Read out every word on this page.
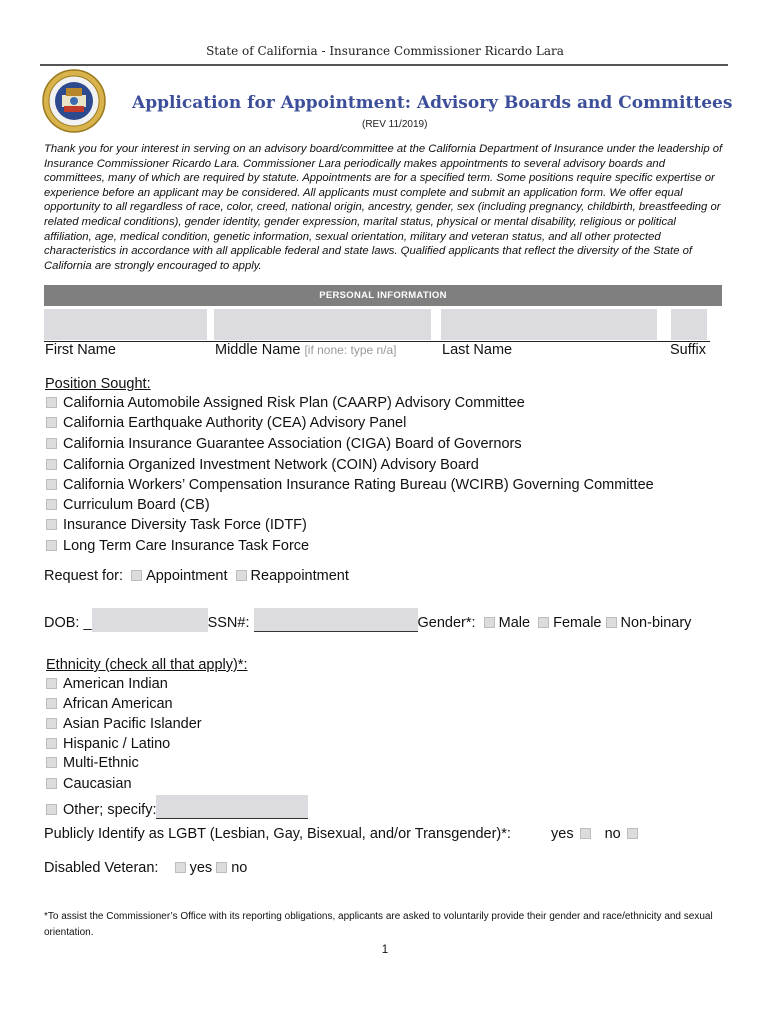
State of California - Insurance Commissioner Ricardo Lara
Application for Appointment: Advisory Boards and Committees
(REV 11/2019)
Thank you for your interest in serving on an advisory board/committee at the California Department of Insurance under the leadership of Insurance Commissioner Ricardo Lara. Commissioner Lara periodically makes appointments to several advisory boards and committees, many of which are required by statute. Appointments are for a specified term. Some positions require specific expertise or experience before an applicant may be considered. All applicants must complete and submit an application form. We offer equal opportunity to all regardless of race, color, creed, national origin, ancestry, gender, sex (including pregnancy, childbirth, breastfeeding or related medical conditions), gender identity, gender expression, marital status, physical or mental disability, religious or political affiliation, age, medical condition, genetic information, sexual orientation, military and veteran status, and all other protected characteristics in accordance with all applicable federal and state laws. Qualified applicants that reflect the diversity of the State of California are strongly encouraged to apply.
PERSONAL INFORMATION
First Name	Middle Name [if none: type n/a]	Last Name	Suffix
Position Sought:
California Automobile Assigned Risk Plan (CAARP) Advisory Committee
California Earthquake Authority (CEA) Advisory Panel
California Insurance Guarantee Association (CIGA) Board of Governors
California Organized Investment Network (COIN) Advisory Board
California Workers’ Compensation Insurance Rating Bureau (WCIRB) Governing Committee
Curriculum Board (CB)
Insurance Diversity Task Force (IDTF)
Long Term Care Insurance Task Force
Request for: Appointment Reappointment
DOB: _	SSN#:	Gender*: Male Female Non-binary
Ethnicity (check all that apply)*:
American Indian
African American
Asian Pacific Islander
Hispanic / Latino
Multi-Ethnic
Caucasian
Other; specify:
Publicly Identify as LGBT (Lesbian, Gay, Bisexual, and/or Transgender)*:	yes no
Disabled Veteran: yes no
*To assist the Commissioner’s Office with its reporting obligations, applicants are asked to voluntarily provide their gender and race/ethnicity and sexual orientation.
1
